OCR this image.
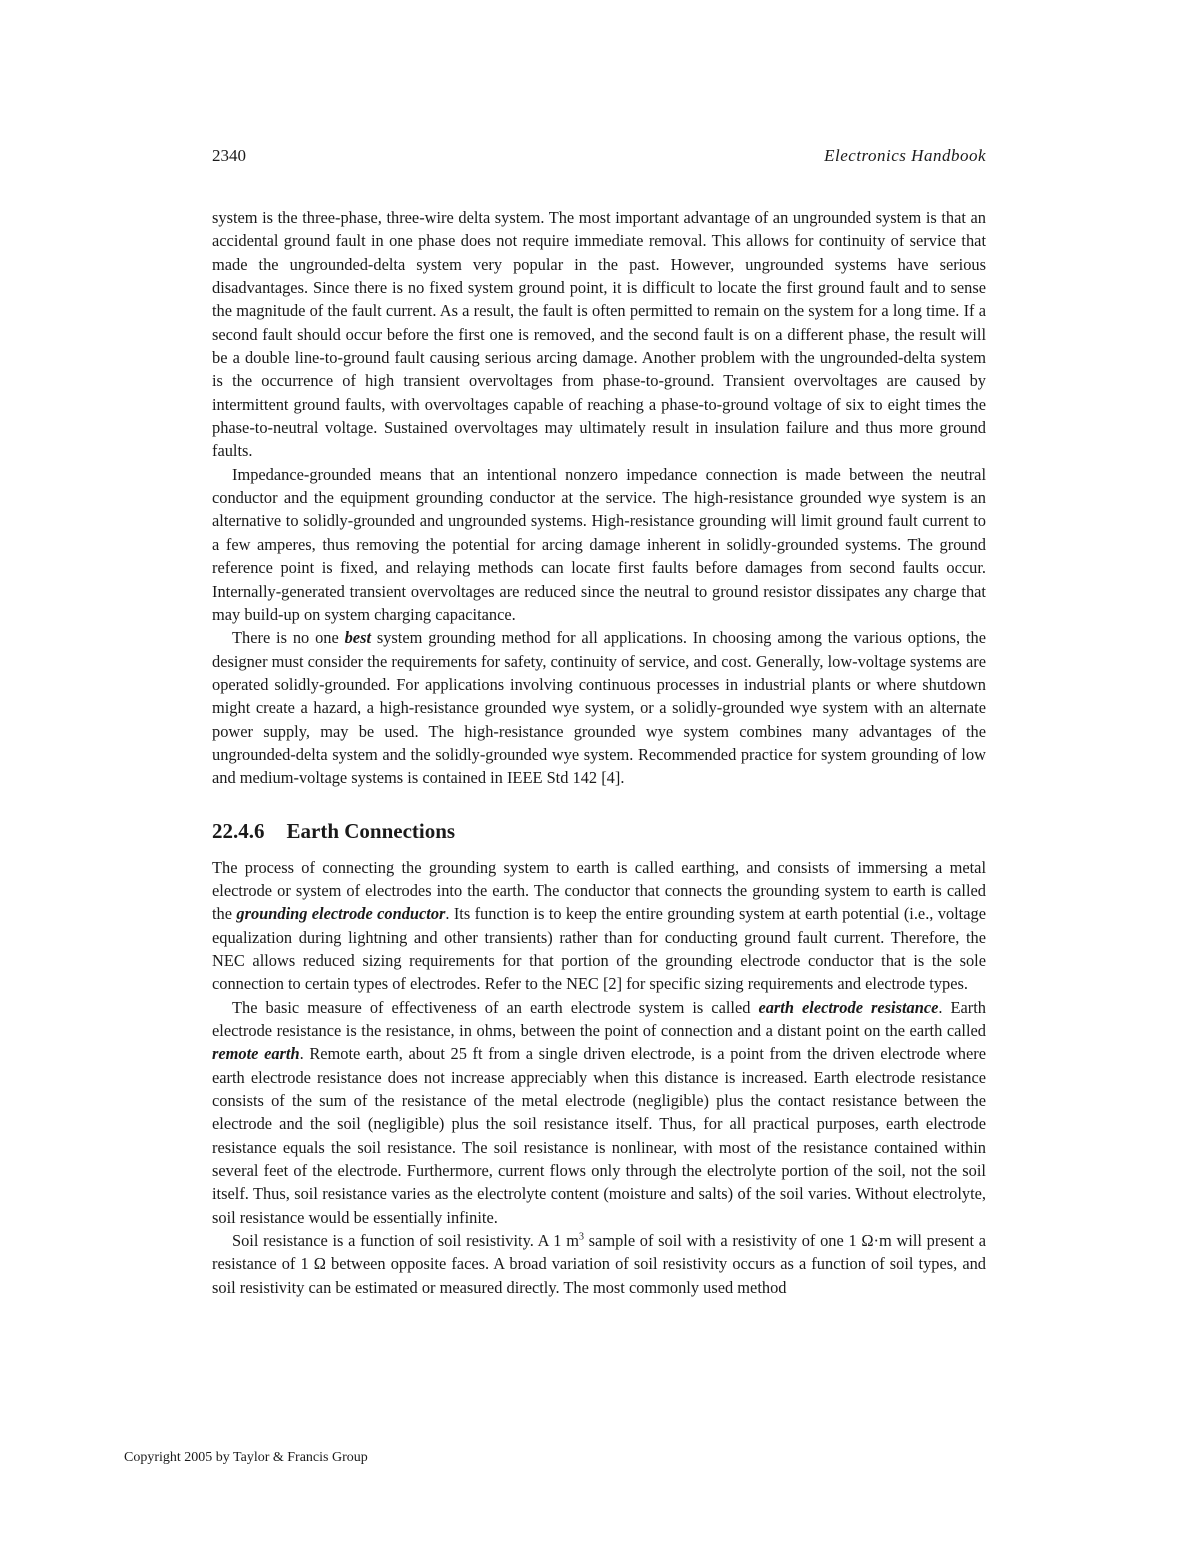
2340	Electronics Handbook

system is the three-phase, three-wire delta system. The most important advantage of an ungrounded system is that an accidental ground fault in one phase does not require immediate removal. This allows for continuity of service that made the ungrounded-delta system very popular in the past. However, ungrounded systems have serious disadvantages. Since there is no fixed system ground point, it is difficult to locate the first ground fault and to sense the magnitude of the fault current. As a result, the fault is often permitted to remain on the system for a long time. If a second fault should occur before the first one is removed, and the second fault is on a different phase, the result will be a double line-to-ground fault causing serious arcing damage. Another problem with the ungrounded-delta system is the occurrence of high transient overvoltages from phase-to-ground. Transient overvoltages are caused by intermittent ground faults, with overvoltages capable of reaching a phase-to-ground voltage of six to eight times the phase-to-neutral voltage. Sustained overvoltages may ultimately result in insulation failure and thus more ground faults.

Impedance-grounded means that an intentional nonzero impedance connection is made between the neutral conductor and the equipment grounding conductor at the service. The high-resistance grounded wye system is an alternative to solidly-grounded and ungrounded systems. High-resistance grounding will limit ground fault current to a few amperes, thus removing the potential for arcing damage inherent in solidly-grounded systems. The ground reference point is fixed, and relaying methods can locate first faults before damages from second faults occur. Internally-generated transient overvoltages are reduced since the neutral to ground resistor dissipates any charge that may build-up on system charging capacitance.

There is no one best system grounding method for all applications. In choosing among the various options, the designer must consider the requirements for safety, continuity of service, and cost. Generally, low-voltage systems are operated solidly-grounded. For applications involving continuous processes in industrial plants or where shutdown might create a hazard, a high-resistance grounded wye system, or a solidly-grounded wye system with an alternate power supply, may be used. The high-resistance grounded wye system combines many advantages of the ungrounded-delta system and the solidly-grounded wye system. Recommended practice for system grounding of low and medium-voltage systems is contained in IEEE Std 142 [4].

22.4.6 Earth Connections

The process of connecting the grounding system to earth is called earthing, and consists of immersing a metal electrode or system of electrodes into the earth. The conductor that connects the grounding system to earth is called the grounding electrode conductor. Its function is to keep the entire grounding system at earth potential (i.e., voltage equalization during lightning and other transients) rather than for conducting ground fault current. Therefore, the NEC allows reduced sizing requirements for that portion of the grounding electrode conductor that is the sole connection to certain types of electrodes. Refer to the NEC [2] for specific sizing requirements and electrode types.

The basic measure of effectiveness of an earth electrode system is called earth electrode resistance. Earth electrode resistance is the resistance, in ohms, between the point of connection and a distant point on the earth called remote earth. Remote earth, about 25 ft from a single driven electrode, is a point from the driven electrode where earth electrode resistance does not increase appreciably when this distance is increased. Earth electrode resistance consists of the sum of the resistance of the metal electrode (negligible) plus the contact resistance between the electrode and the soil (negligible) plus the soil resistance itself. Thus, for all practical purposes, earth electrode resistance equals the soil resistance. The soil resistance is nonlinear, with most of the resistance contained within several feet of the electrode. Furthermore, current flows only through the electrolyte portion of the soil, not the soil itself. Thus, soil resistance varies as the electrolyte content (moisture and salts) of the soil varies. Without electrolyte, soil resistance would be essentially infinite.

Soil resistance is a function of soil resistivity. A 1 $m^3$ sample of soil with a resistivity of one 1 Ω·m will present a resistance of 1 Ω between opposite faces. A broad variation of soil resistivity occurs as a function of soil types, and soil resistivity can be estimated or measured directly. The most commonly used method

Copyright 2005 by Taylor & Francis Group
